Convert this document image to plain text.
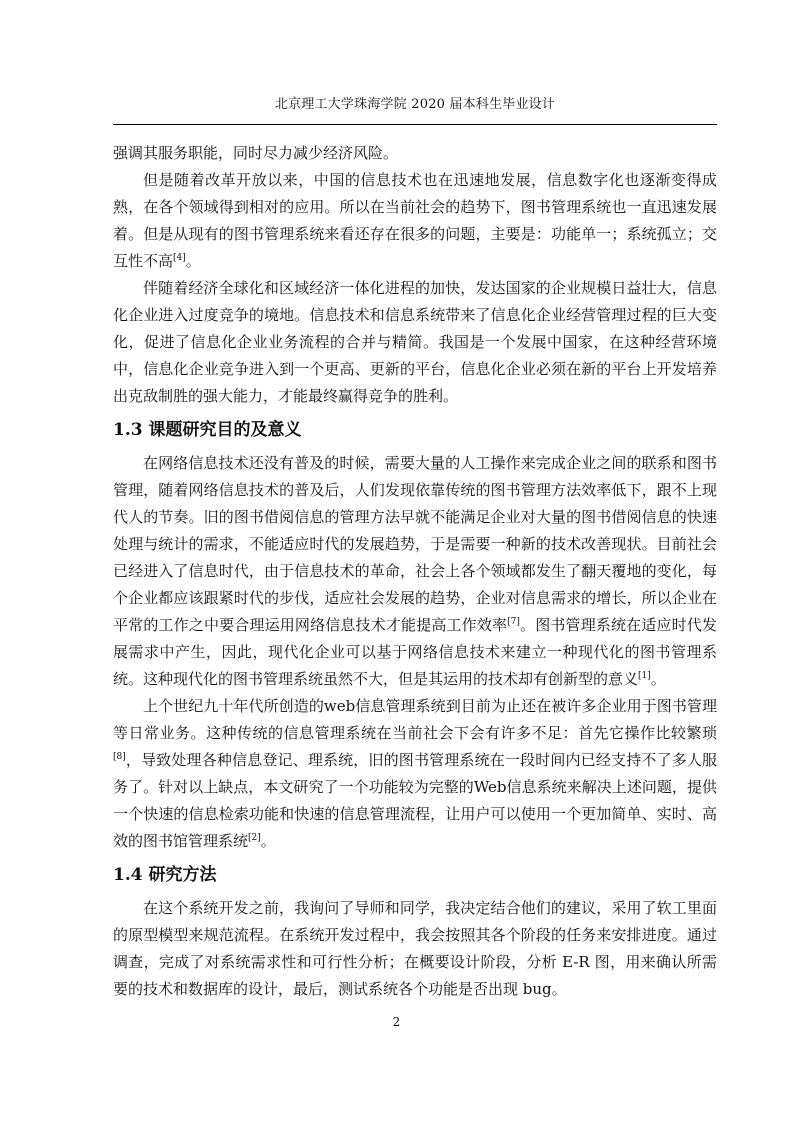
北京理工大学珠海学院 2020 届本科生毕业设计

强调其服务职能，同时尽力减少经济风险。

但是随着改革开放以来，中国的信息技术也在迅速地发展，信息数字化也逐渐变得成熟，在各个领域得到相对的应用。所以在当前社会的趋势下，图书管理系统也一直迅速发展着。但是从现有的图书管理系统来看还存在很多的问题，主要是：功能单一；系统孤立；交互性不高[4]。

伴随着经济全球化和区域经济一体化进程的加快，发达国家的企业规模日益壮大，信息化企业进入过度竞争的境地。信息技术和信息系统带来了信息化企业经营管理过程的巨大变化，促进了信息化企业业务流程的合并与精简。我国是一个发展中国家，在这种经营环境中，信息化企业竞争进入到一个更高、更新的平台，信息化企业必须在新的平台上开发培养出克敌制胜的强大能力，才能最终赢得竞争的胜利。

1.3 课题研究目的及意义

在网络信息技术还没有普及的时候，需要大量的人工操作来完成企业之间的联系和图书管理，随着网络信息技术的普及后，人们发现依靠传统的图书管理方法效率低下，跟不上现代人的节奏。旧的图书借阅信息的管理方法早就不能满足企业对大量的图书借阅信息的快速处理与统计的需求，不能适应时代的发展趋势，于是需要一种新的技术改善现状。目前社会已经进入了信息时代，由于信息技术的革命，社会上各个领域都发生了翻天覆地的变化，每个企业都应该跟紧时代的步伐，适应社会发展的趋势，企业对信息需求的增长，所以企业在平常的工作之中要合理运用网络信息技术才能提高工作效率[7]。图书管理系统在适应时代发展需求中产生，因此，现代化企业可以基于网络信息技术来建立一种现代化的图书管理系统。这种现代化的图书管理系统虽然不大，但是其运用的技术却有创新型的意义[1]。

上个世纪九十年代所创造的web信息管理系统到目前为止还在被许多企业用于图书管理等日常业务。这种传统的信息管理系统在当前社会下会有许多不足：首先它操作比较繁琐[8]，导致处理各种信息登记、理系统，旧的图书管理系统在一段时间内已经支持不了多人服务了。针对以上缺点，本文研究了一个功能较为完整的Web信息系统来解决上述问题，提供一个快速的信息检索功能和快速的信息管理流程，让用户可以使用一个更加简单、实时、高效的图书馆管理系统[2]。

1.4 研究方法

在这个系统开发之前，我询问了导师和同学，我决定结合他们的建议，采用了软工里面的原型模型来规范流程。在系统开发过程中，我会按照其各个阶段的任务来安排进度。通过调查，完成了对系统需求性和可行性分析；在概要设计阶段，分析 E-R 图，用来确认所需要的技术和数据库的设计，最后，测试系统各个功能是否出现 bug。

2
